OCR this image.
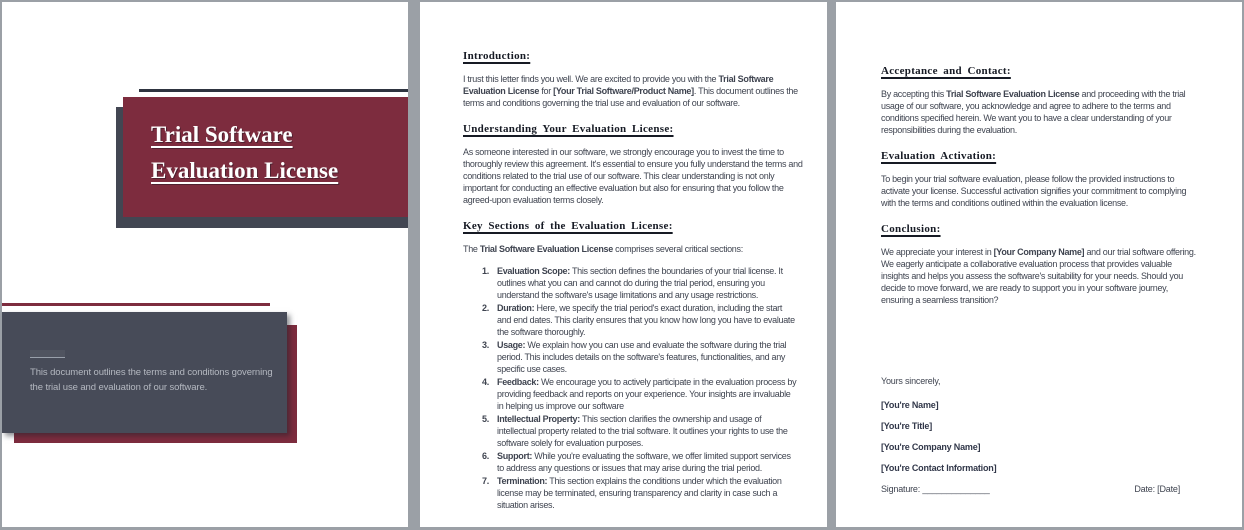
Trial Software
Evaluation License
This document outlines the terms and conditions governing the trial use and evaluation of our software.
Introduction:

I trust this letter finds you well. We are excited to provide you with the Trial Software Evaluation License for [Your Trial Software/Product Name]. This document outlines the terms and conditions governing the trial use and evaluation of our software.

Understanding Your Evaluation License:

As someone interested in our software, we strongly encourage you to invest the time to thoroughly review this agreement. It's essential to ensure you fully understand the terms and conditions related to the trial use of our software. This clear understanding is not only important for conducting an effective evaluation but also for ensuring that you follow the agreed-upon evaluation terms closely.

Key Sections of the Evaluation License:

The Trial Software Evaluation License comprises several critical sections:

1. Evaluation Scope: This section defines the boundaries of your trial license. It outlines what you can and cannot do during the trial period, ensuring you understand the software's usage limitations and any usage restrictions.
2. Duration: Here, we specify the trial period's exact duration, including the start and end dates. This clarity ensures that you know how long you have to evaluate the software thoroughly.
3. Usage: We explain how you can use and evaluate the software during the trial period. This includes details on the software's features, functionalities, and any specific use cases.
4. Feedback: We encourage you to actively participate in the evaluation process by providing feedback and reports on your experience. Your insights are invaluable in helping us improve our software
5. Intellectual Property: This section clarifies the ownership and usage of intellectual property related to the trial software. It outlines your rights to use the software solely for evaluation purposes.
6. Support: While you're evaluating the software, we offer limited support services to address any questions or issues that may arise during the trial period.
7. Termination: This section explains the conditions under which the evaluation license may be terminated, ensuring transparency and clarity in case such a situation arises.
Acceptance and Contact:

By accepting this Trial Software Evaluation License and proceeding with the trial usage of our software, you acknowledge and agree to adhere to the terms and conditions specified herein. We want you to have a clear understanding of your responsibilities during the evaluation.

Evaluation Activation:

To begin your trial software evaluation, please follow the provided instructions to activate your license. Successful activation signifies your commitment to complying with the terms and conditions outlined within the evaluation license.

Conclusion:

We appreciate your interest in [Your Company Name] and our trial software offering. We eagerly anticipate a collaborative evaluation process that provides valuable insights and helps you assess the software's suitability for your needs. Should you decide to move forward, we are ready to support you in your software journey, ensuring a seamless transition?

Yours sincerely,

[You're Name]

[You're Title]

[You're Company Name]

[You're Contact Information]

Signature: ______________	Date: [Date]
